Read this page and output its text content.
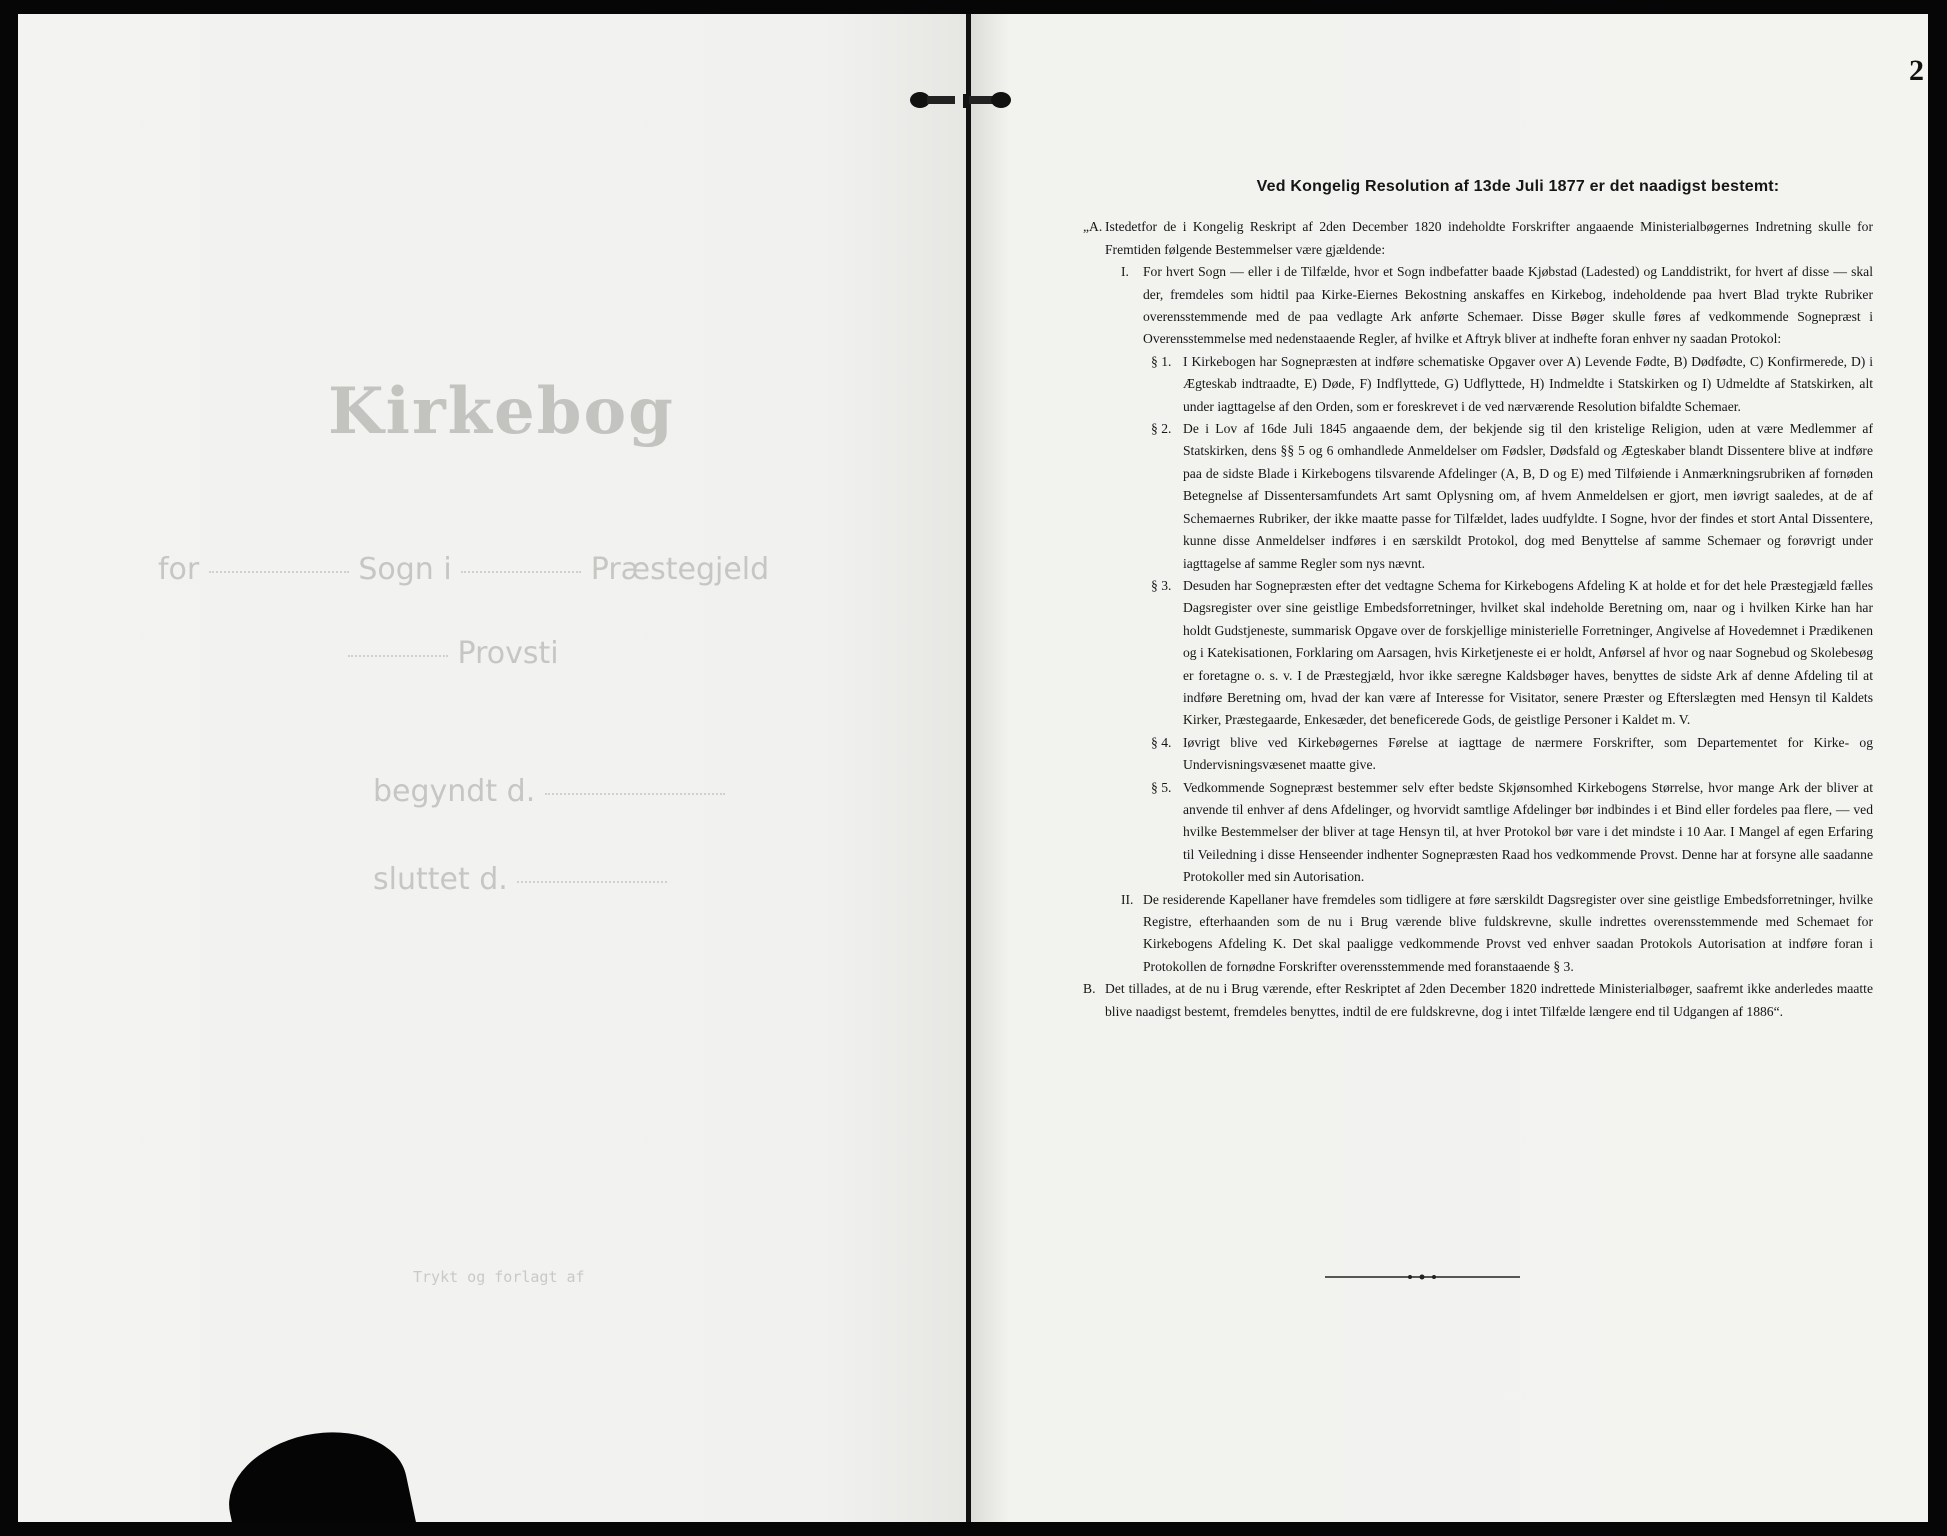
Kirkebog
for	Sogn i	Præstegjeld
Provsti
begyndt d.
sluttet d.
Trykt og forlagt af
2
Ved Kongelig Resolution af 13de Juli 1877 er det naadigst bestemt:
„A. Istedetfor de i Kongelig Reskript af 2den December 1820 indeholdte Forskrifter angaaende Ministerialbøgernes Indretning skulle for Fremtiden følgende Bestemmelser være gjældende:
I. For hvert Sogn — eller i de Tilfælde, hvor et Sogn indbefatter baade Kjøbstad (Ladested) og Landdistrikt, for hvert af disse — skal der, fremdeles som hidtil paa Kirke-Eiernes Bekostning anskaffes en Kirkebog, indeholdende paa hvert Blad trykte Rubriker overensstemmende med de paa vedlagte Ark anførte Schemaer. Disse Bøger skulle føres af vedkommende Sognepræst i Overensstemmelse med nedenstaaende Regler, af hvilke et Aftryk bliver at indhefte foran enhver ny saadan Protokol:
§ 1. I Kirkebogen har Sognepræsten at indføre schematiske Opgaver over A) Levende Fødte, B) Dødfødte, C) Konfirmerede, D) i Ægteskab indtraadte, E) Døde, F) Indflyttede, G) Udflyttede, H) Indmeldte i Statskirken og I) Udmeldte af Statskirken, alt under iagttagelse af den Orden, som er foreskrevet i de ved nærværende Resolution bifaldte Schemaer.
§ 2. De i Lov af 16de Juli 1845 angaaende dem, der bekjende sig til den kristelige Religion, uden at være Medlemmer af Statskirken, dens §§ 5 og 6 omhandlede Anmeldelser om Fødsler, Dødsfald og Ægteskaber blandt Dissentere blive at indføre paa de sidste Blade i Kirkebogens tilsvarende Afdelinger (A, B, D og E) med Tilføiende i Anmærkningsrubriken af fornøden Betegnelse af Dissentersamfundets Art samt Oplysning om, af hvem Anmeldelsen er gjort, men iøvrigt saaledes, at de af Schemaernes Rubriker, der ikke maatte passe for Tilfældet, lades uudfyldte. I Sogne, hvor der findes et stort Antal Dissentere, kunne disse Anmeldelser indføres i en særskildt Protokol, dog med Benyttelse af samme Schemaer og forøvrigt under iagttagelse af samme Regler som nys nævnt.
§ 3. Desuden har Sognepræsten efter det vedtagne Schema for Kirkebogens Afdeling K at holde et for det hele Præstegjæld fælles Dagsregister over sine geistlige Embedsforretninger, hvilket skal indeholde Beretning om, naar og i hvilken Kirke han har holdt Gudstjeneste, summarisk Opgave over de forskjellige ministerielle Forretninger, Angivelse af Hovedemnet i Prædikenen og i Katekisationen, Forklaring om Aarsagen, hvis Kirketjeneste ei er holdt, Anførsel af hvor og naar Sognebud og Skolebesøg er foretagne o. s. v. I de Præstegjæld, hvor ikke særegne Kaldsbøger haves, benyttes de sidste Ark af denne Afdeling til at indføre Beretning om, hvad der kan være af Interesse for Visitator, senere Præster og Efterslægten med Hensyn til Kaldets Kirker, Præstegaarde, Enkesæder, det beneficerede Gods, de geistlige Personer i Kaldet m. V.
§ 4. Iøvrigt blive ved Kirkebøgernes Førelse at iagttage de nærmere Forskrifter, som Departementet for Kirke- og Undervisningsvæsenet maatte give.
§ 5. Vedkommende Sognepræst bestemmer selv efter bedste Skjønsomhed Kirkebogens Størrelse, hvor mange Ark der bliver at anvende til enhver af dens Afdelinger, og hvorvidt samtlige Afdelinger bør indbindes i et Bind eller fordeles paa flere, — ved hvilke Bestemmelser der bliver at tage Hensyn til, at hver Protokol bør vare i det mindste i 10 Aar. I Mangel af egen Erfaring til Veiledning i disse Henseender indhenter Sognepræsten Raad hos vedkommende Provst. Denne har at forsyne alle saadanne Protokoller med sin Autorisation.
II. De residerende Kapellaner have fremdeles som tidligere at føre særskildt Dagsregister over sine geistlige Embedsforretninger, hvilke Registre, efterhaanden som de nu i Brug værende blive fuldskrevne, skulle indrettes overensstemmende med Schemaet for Kirkebogens Afdeling K. Det skal paaligge vedkommende Provst ved enhver saadan Protokols Autorisation at indføre foran i Protokollen de fornødne Forskrifter overensstemmende med foranstaaende § 3.
B. Det tillades, at de nu i Brug værende, efter Reskriptet af 2den December 1820 indrettede Ministerialbøger, saafremt ikke anderledes maatte blive naadigst bestemt, fremdeles benyttes, indtil de ere fuldskrevne, dog i intet Tilfælde længere end til Udgangen af 1886“.
